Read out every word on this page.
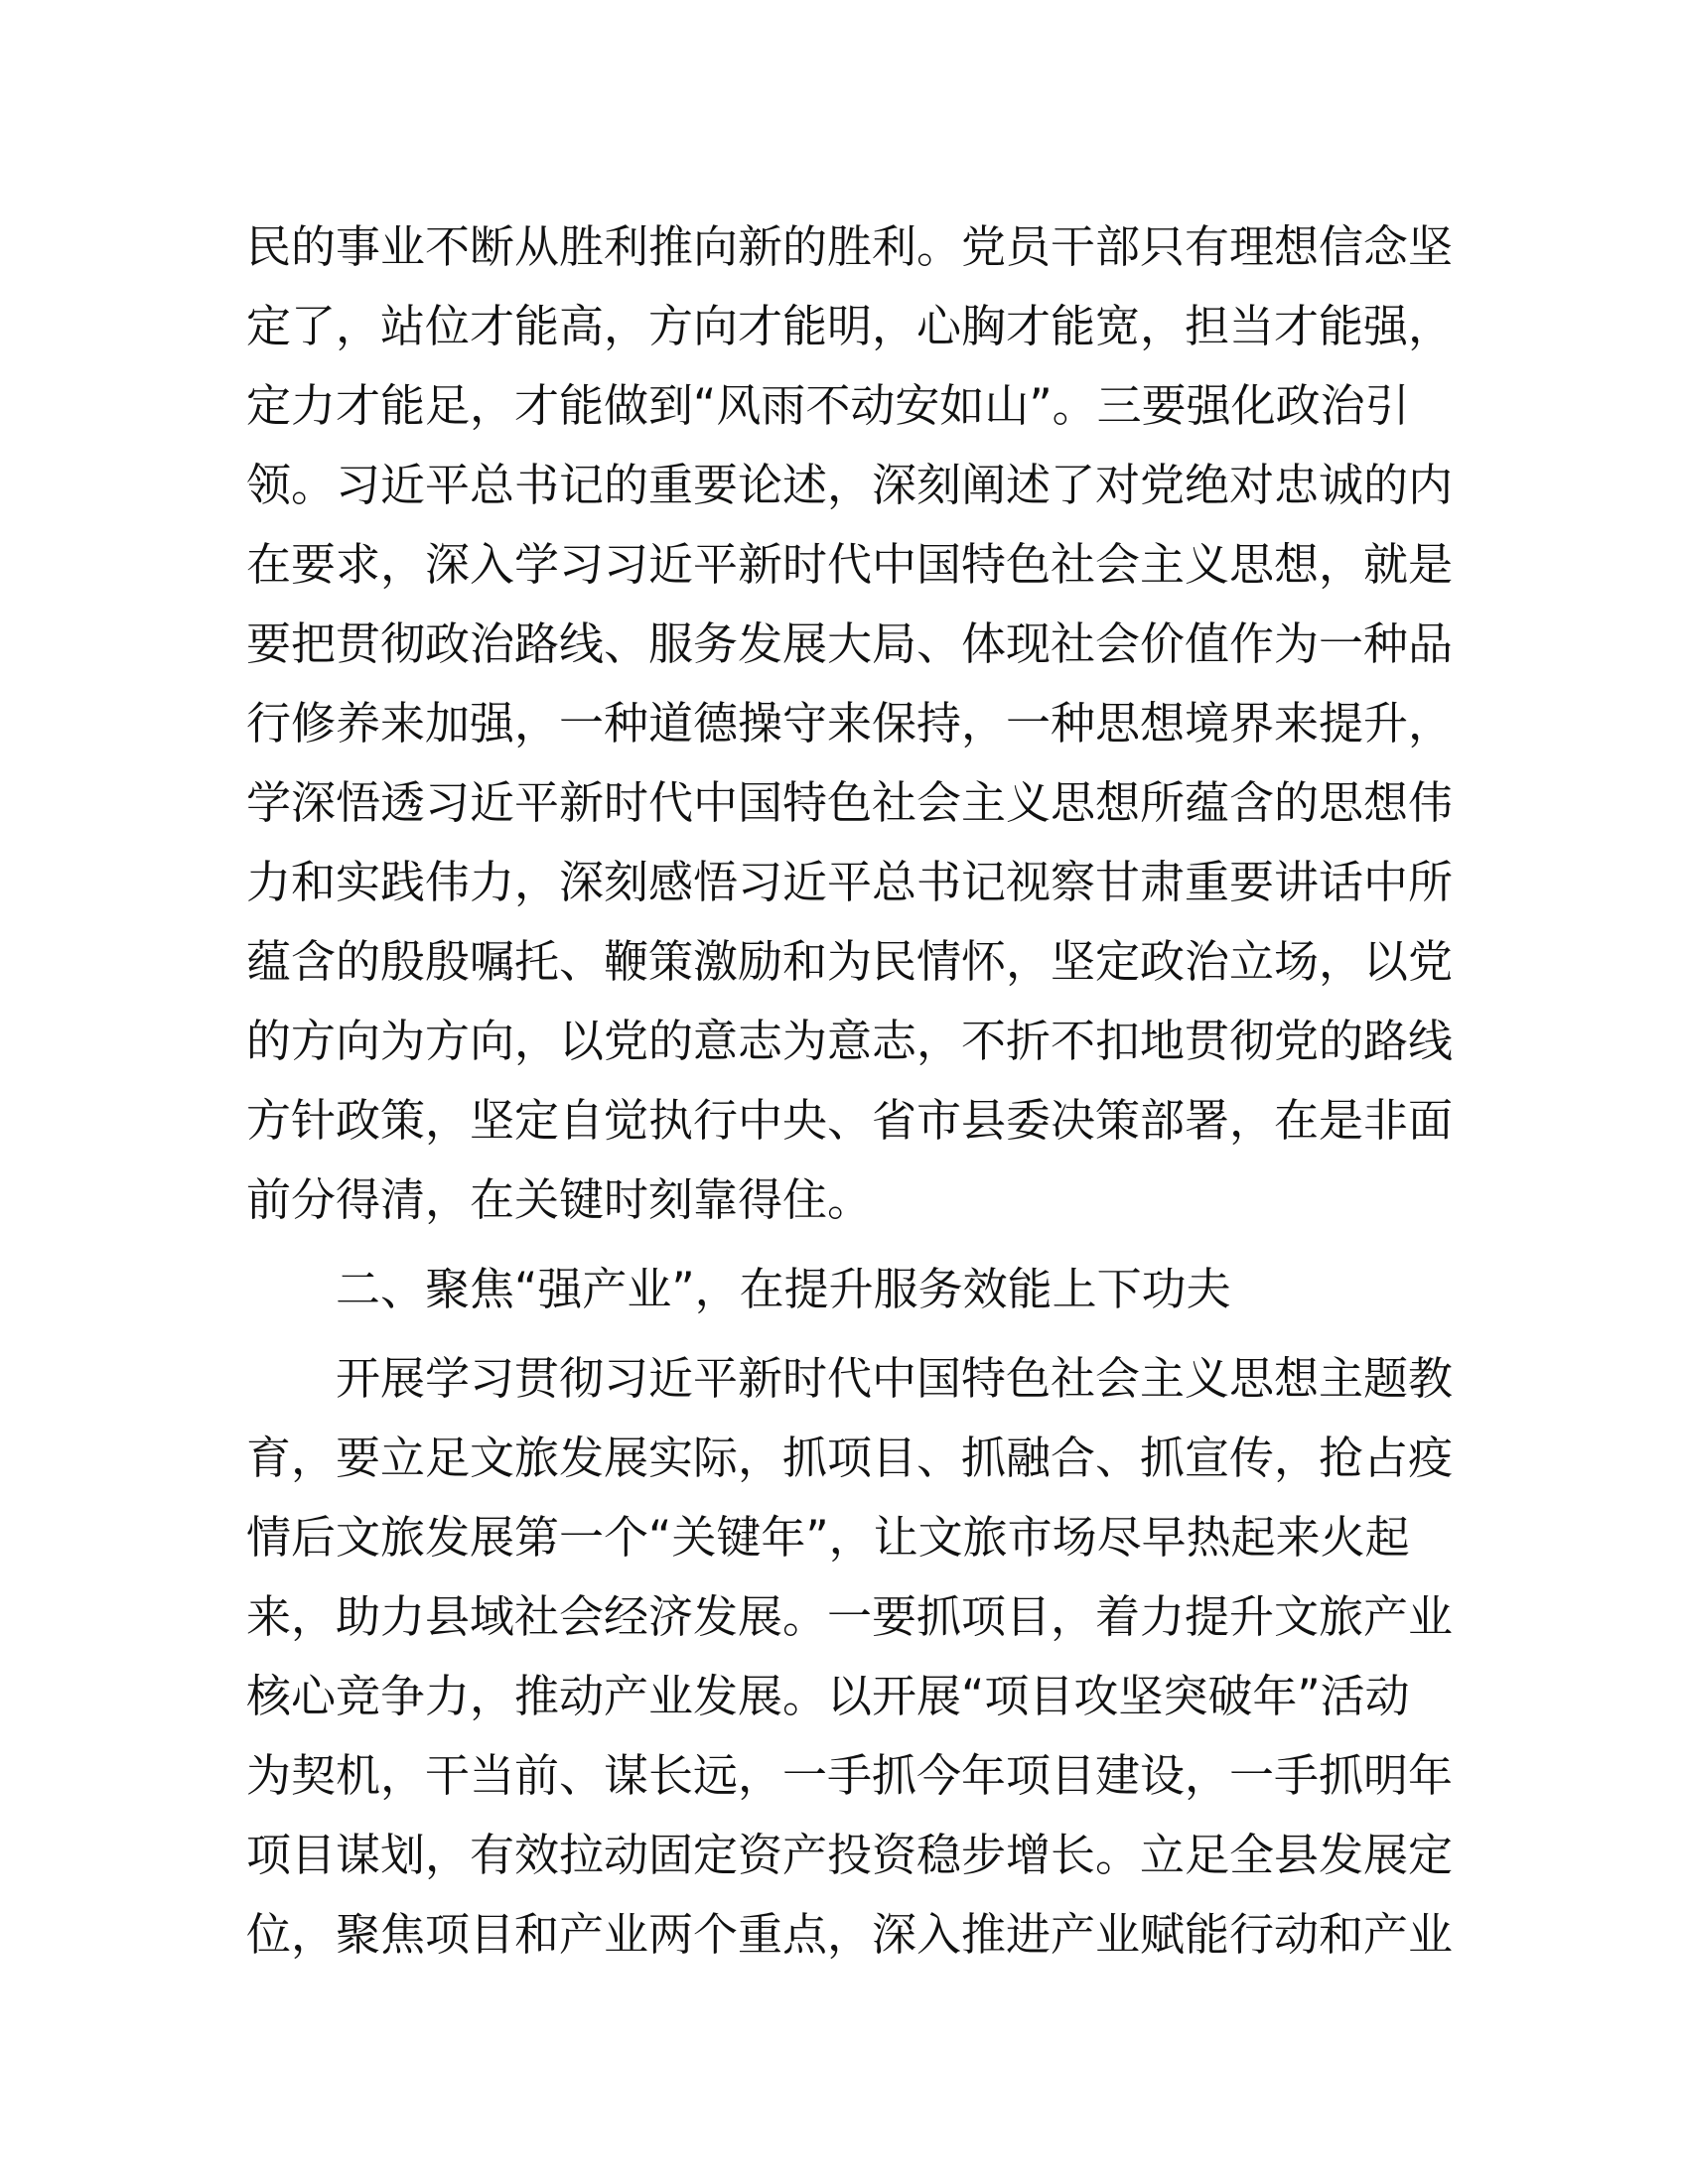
民的事业不断从胜利推向新的胜利。党员干部只有理想信念坚
定了，站位才能高，方向才能明，心胸才能宽，担当才能强，
定力才能足，才能做到“风雨不动安如山”。三要强化政治引
领。习近平总书记的重要论述，深刻阐述了对党绝对忠诚的内
在要求，深入学习习近平新时代中国特色社会主义思想，就是
要把贯彻政治路线、服务发展大局、体现社会价值作为一种品
行修养来加强，一种道德操守来保持，一种思想境界来提升，
学深悟透习近平新时代中国特色社会主义思想所蕴含的思想伟
力和实践伟力，深刻感悟习近平总书记视察甘肃重要讲话中所
蕴含的殷殷嘱托、鞭策激励和为民情怀，坚定政治立场，以党
的方向为方向，以党的意志为意志，不折不扣地贯彻党的路线
方针政策，坚定自觉执行中央、省市县委决策部署，在是非面
前分得清，在关键时刻靠得住。
二、聚焦“强产业”，在提升服务效能上下功夫
开展学习贯彻习近平新时代中国特色社会主义思想主题教
育，要立足文旅发展实际，抓项目、抓融合、抓宣传，抢占疫
情后文旅发展第一个“关键年”，让文旅市场尽早热起来火起
来，助力县域社会经济发展。一要抓项目，着力提升文旅产业
核心竞争力，推动产业发展。以开展“项目攻坚突破年”活动
为契机，干当前、谋长远，一手抓今年项目建设，一手抓明年
项目谋划，有效拉动固定资产投资稳步增长。立足全县发展定
位，聚焦项目和产业两个重点，深入推进产业赋能行动和产业
